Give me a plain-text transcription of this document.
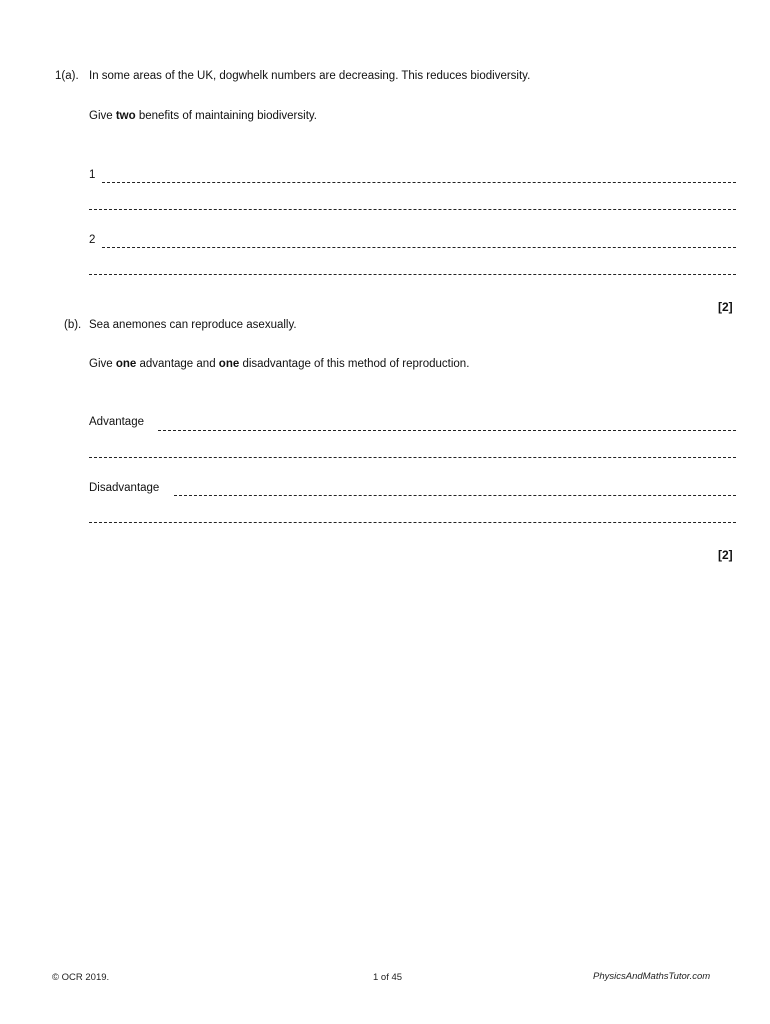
1(a). In some areas of the UK, dogwhelk numbers are decreasing. This reduces biodiversity.
Give two benefits of maintaining biodiversity.
1
2
[2]
(b). Sea anemones can reproduce asexually.
Give one advantage and one disadvantage of this method of reproduction.
Advantage
Disadvantage
[2]
© OCR 2019.	1 of 45	PhysicsAndMathsTutor.com
